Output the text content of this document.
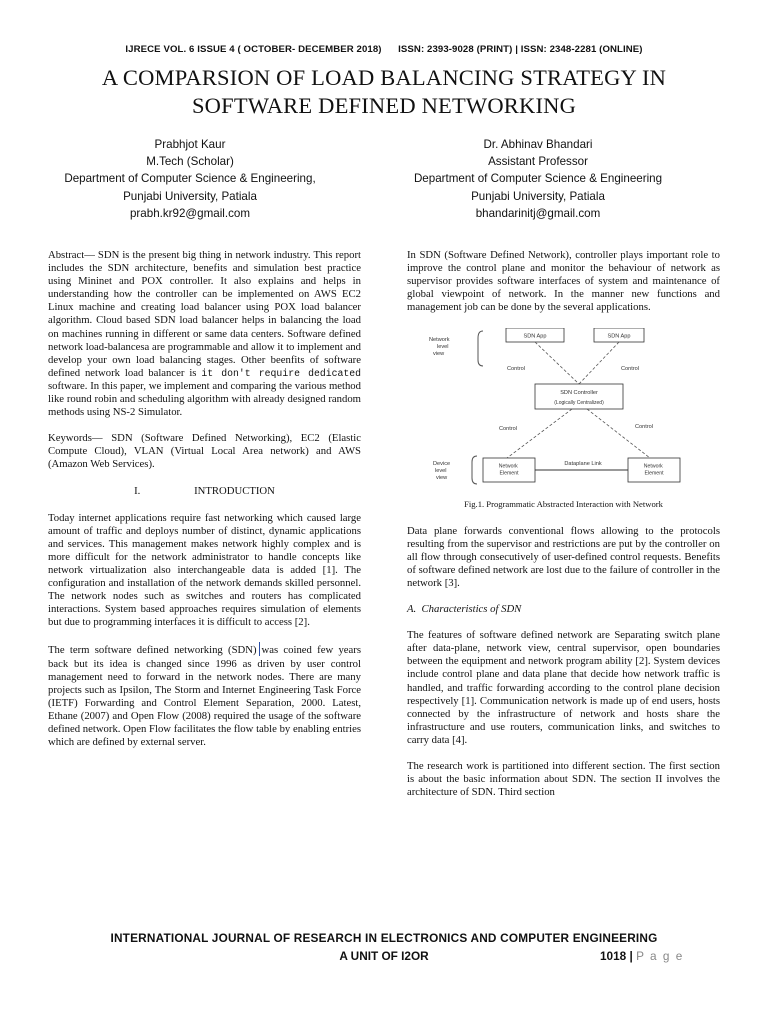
IJRECE VOL. 6 ISSUE 4 ( OCTOBER- DECEMBER 2018)      ISSN: 2393-9028 (PRINT) | ISSN: 2348-2281 (ONLINE)
A COMPARSION OF LOAD BALANCING STRATEGY IN
SOFTWARE DEFINED NETWORKING
Prabhjot Kaur
M.Tech (Scholar)
Department of Computer Science & Engineering,
Punjabi University, Patiala
prabh.kr92@gmail.com
Dr. Abhinav Bhandari
Assistant Professor
Department of Computer Science & Engineering
Punjabi University, Patiala
bhandarinitj@gmail.com

Abstract— SDN is the present big thing in network industry. This report includes the SDN architecture, benefits and simulation best practice using Mininet and POX controller. It also explains and helps in understanding how the controller can be implemented on AWS EC2 Linux machine and creating load balancer using POX load balancer algorithm. Cloud based SDN load balancer helps in balancing the load on machines running in different or same data centers. Software defined network load-balancesa are programmable and allow it to implement and develop your own load balancing stages. Other beenfits of software defined network load balancer is it don't require dedicated software. In this paper, we implement and comparing the various method like round robin and scheduling algorithm with already designed random methods using NS-2 Simulator.

Keywords— SDN (Software Defined Networking), EC2 (Elastic Compute Cloud), VLAN (Virtual Local Area network) and AWS (Amazon Web Services).

I.	INTRODUCTION

Today internet applications require fast networking which caused large amount of traffic and deploys number of distinct, dynamic applications and services. This management makes network highly complex and is more difficult for the network administrator to handle concepts like network virtualization also interchangeable data is added [1]. The configuration and installation of the network demands skilled personnel. The network nodes such as switches and routers has complicated interactions. System based approaches requires simulation of elements but due to programming interfaces it is difficult to access [2].

The term software defined networking (SDN) was coined few years back but its idea is changed since 1996 as driven by user control management need to forward in the network nodes. There are many projects such as Ipsilon, The Storm and Internet Engineering Task Force (IETF) Forwarding and Control Element Separation, 2000. Latest, Ethane (2007) and Open Flow (2008) required the usage of the software defined network. Open Flow facilitates the flow table by enabling entries which are defined by external server.

In SDN (Software Defined Network), controller plays important role to improve the control plane and monitor the behaviour of network as supervisor provides software interfaces of system and maintenance of global viewpoint of network. In the manner new functions and management job can be done by the several applications.

Network level view
SDN App	SDN App
Control	Control
SDN Controller
(Logically Centralized)
Control	Control
Device level view
Network Element
Network Element
Dataplane Link
Fig.1. Programmatic Abstracted Interaction with Network

Data plane forwards conventional flows allowing to the protocols resulting from the supervisor and restrictions are put by the controller on all flow through consecutively of user-defined control requests. Benefits of software defined network are lost due to the failure of controller in the network [3].

A.  Characteristics of SDN

The features of software defined network are Separating switch plane after data-plane, network view, central supervisor, open boundaries between the equipment and network program ability [2]. System devices include control plane and data plane that decide how network traffic is handled, and traffic forwarding according to the control plane decision respectively [1]. Communication network is made up of end users, hosts connected by the infrastructure of network and hosts share the infrastructure and use routers, communication links, and switches to carry data [4].

The research work is partitioned into different section. The first section is about the basic information about SDN. The section II involves the architecture of SDN. Third section

INTERNATIONAL JOURNAL OF RESEARCH IN ELECTRONICS AND COMPUTER ENGINEERING
A UNIT OF I2OR	1018 | P a g e
